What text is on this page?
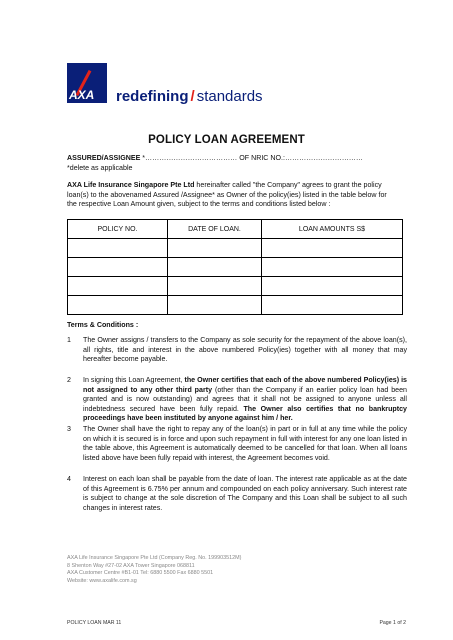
AXA redefining / standards
POLICY LOAN AGREEMENT
ASSURED/ASSIGNEE *………………………………… OF NRIC NO.:……………………………
*delete as applicable
AXA Life Insurance Singapore Pte Ltd hereinafter called "the Company" agrees to grant the policy loan(s) to the abovenamed Assured /Assignee* as Owner of the policy(ies) listed in the table below for the respective Loan Amount given, subject to the terms and conditions listed below :
POLICY NO.	DATE OF LOAN.	LOAN AMOUNTS S$

Terms & Conditions :
1	The Owner assigns / transfers to the Company as sole security for the repayment of the above loan(s), all rights, title and interest in the above numbered Policy(ies) together with all money that may hereafter become payable.
2	In signing this Loan Agreement, the Owner certifies that each of the above numbered Policy(ies) is not assigned to any other third party (other than the Company if an earlier policy loan had been granted and is now outstanding) and agrees that it shall not be assigned to anyone unless all indebtedness secured have been fully repaid. The Owner also certifies that no bankruptcy proceedings have been instituted by anyone against him / her.
3	The Owner shall have the right to repay any of the loan(s) in part or in full at any time while the policy on which it is secured is in force and upon such repayment in full with interest for any one loan listed in the table above, this Agreement is automatically deemed to be cancelled for that loan. When all loans listed above have been fully repaid with interest, the Agreement becomes void.
4	Interest on each loan shall be payable from the date of loan. The interest rate applicable as at the date of this Agreement is 6.75% per annum and compounded on each policy anniversary. Such interest rate is subject to change at the sole discretion of The Company and this Loan shall be subject to all such changes in interest rates.
AXA Life Insurance Singapore Pte Ltd (Company Reg. No. 199903512M)
8 Shenton Way #27-02 AXA Tower Singapore 068811
AXA Customer Centre #B1-01 Tel: 6880 5500 Fax 6880 5501
Website: www.axalife.com.sg
POLICY LOAN MAR 11	Page 1 of 2
